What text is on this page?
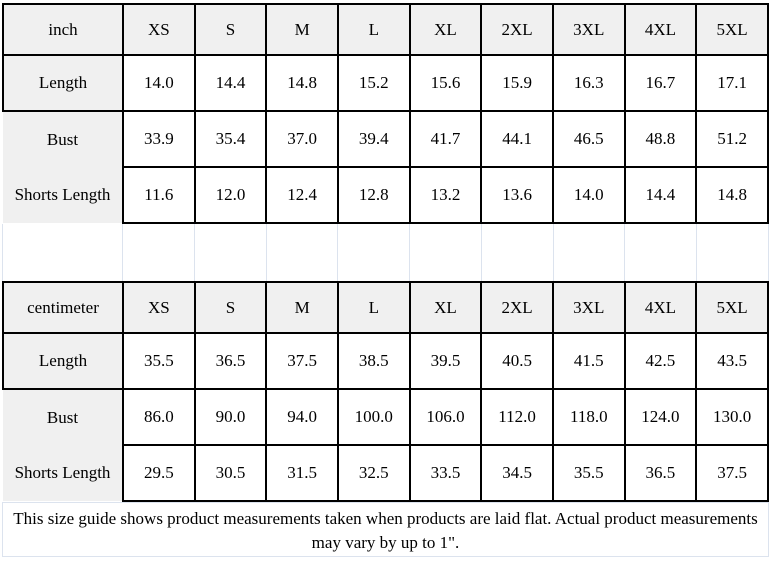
inch	XS	S	M	L	XL	2XL	3XL	4XL	5XL
Length	14.0	14.4	14.8	15.2	15.6	15.9	16.3	16.7	17.1
Bust	33.9	35.4	37.0	39.4	41.7	44.1	46.5	48.8	51.2
Shorts Length	11.6	12.0	12.4	12.8	13.2	13.6	14.0	14.4	14.8
centimeter	XS	S	M	L	XL	2XL	3XL	4XL	5XL
Length	35.5	36.5	37.5	38.5	39.5	40.5	41.5	42.5	43.5
Bust	86.0	90.0	94.0	100.0	106.0	112.0	118.0	124.0	130.0
Shorts Length	29.5	30.5	31.5	32.5	33.5	34.5	35.5	36.5	37.5
This size guide shows product measurements taken when products are laid flat. Actual product measurements
may vary by up to 1".
